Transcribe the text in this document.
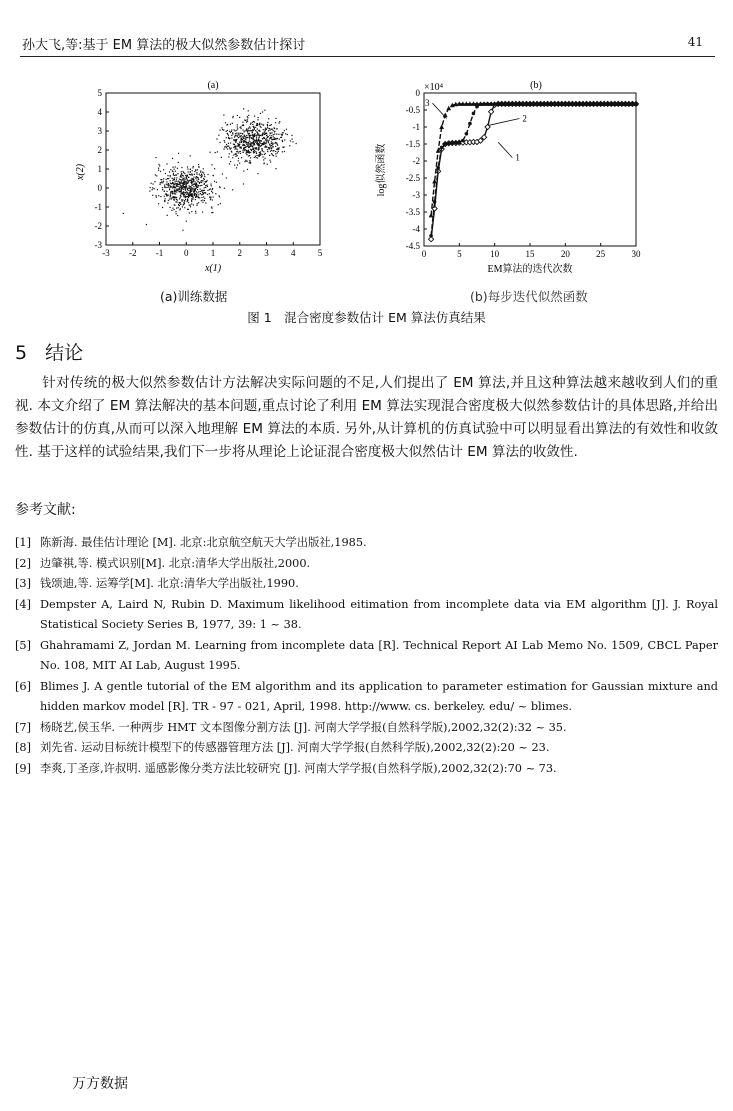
孙大飞,等:基于 EM 算法的极大似然参数估计探讨	41
(a)
-3 -2 -1 0 1 2 3 4 5
5
4
3
2
1
0
-1
-2
-3
x(1)
x(2)
×10⁴	(b)
0	5	10	15	20	25	30
0
-0.5
-1
-1.5
-2
-2.5
-3
-3.5
-4
-4.5
EM算法的迭代次数
log似然函数	1
2
3
(a)训练数据	(b)每步迭代似然函数
图 1　混合密度参数估计 EM 算法仿真结果
5 结论

针对传统的极大似然参数估计方法解决实际问题的不足,人们提出了 EM 算法,并且这种算法越来越收到人们的重视. 本文介绍了 EM 算法解决的基本问题,重点讨论了利用 EM 算法实现混合密度极大似然参数估计的具体思路,并给出参数估计的仿真,从而可以深入地理解 EM 算法的本质. 另外,从计算机的仿真试验中可以明显看出算法的有效性和收敛性. 基于这样的试验结果,我们下一步将从理论上论证混合密度极大似然估计 EM 算法的收敛性.

参考文献:
[1] 陈新海. 最佳估计理论 [M]. 北京:北京航空航天大学出版社,1985.
[2] 边肇祺,等. 模式识别[M]. 北京:清华大学出版社,2000.
[3] 钱颂迪,等. 运筹学[M]. 北京:清华大学出版社,1990.
[4] Dempster A, Laird N, Rubin D. Maximum likelihood eitimation from incomplete data via EM algorithm [J]. J. Royal Statistical Society Series B, 1977, 39: 1 ~ 38.
[5] Ghahramami Z, Jordan M. Learning from incomplete data [R]. Technical Report AI Lab Memo No. 1509, CBCL Paper No. 108, MIT AI Lab, August 1995.
[6] Blimes J. A gentle tutorial of the EM algorithm and its application to parameter estimation for Gaussian mixture and hidden markov model [R]. TR - 97 - 021, April, 1998. http://www. cs. berkeley. edu/ ~ blimes.
[7] 杨晓艺,侯玉华. 一种两步 HMT 文本图像分割方法 [J]. 河南大学学报(自然科学版),2002,32(2):32 ~ 35.
[8] 刘先省. 运动目标统计模型下的传感器管理方法 [J]. 河南大学学报(自然科学版),2002,32(2):20 ~ 23.
[9] 李爽,丁圣彦,许叔明. 遥感影像分类方法比较研究 [J]. 河南大学学报(自然科学版),2002,32(2):70 ~ 73.
万方数据
